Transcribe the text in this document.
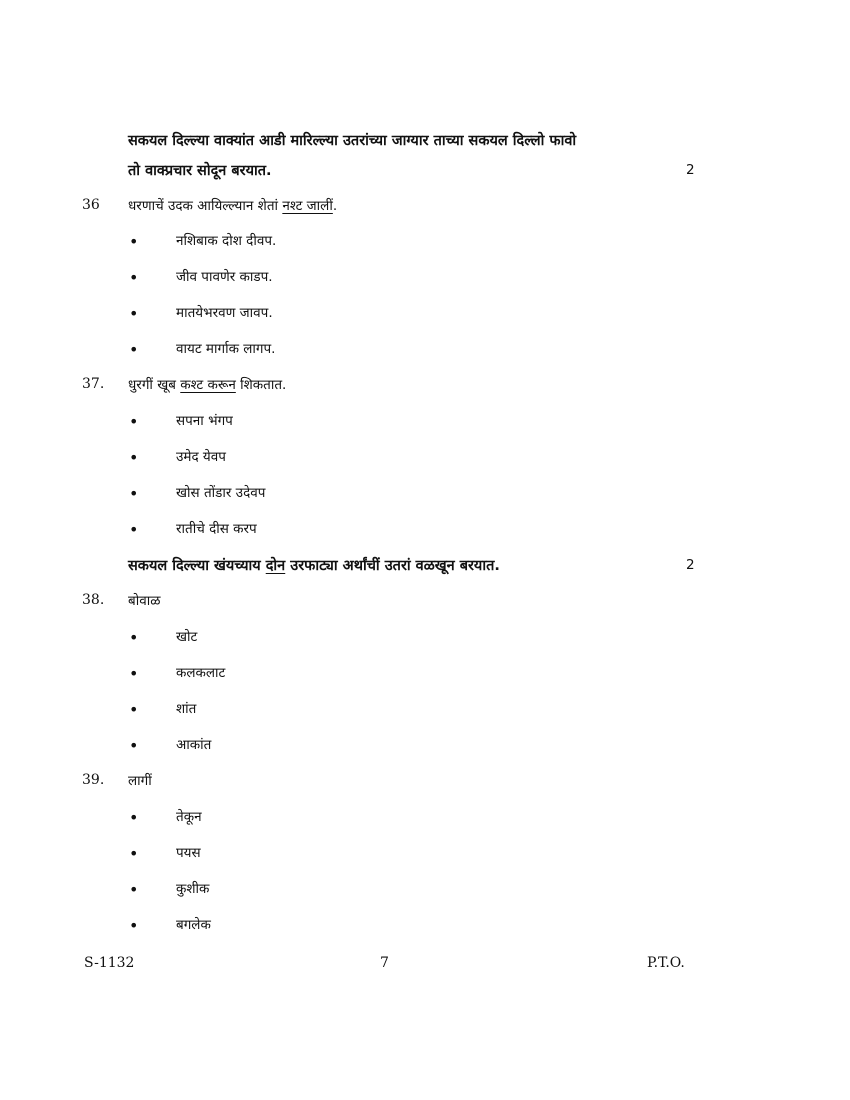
सकयल दिल्ल्या वाक्यांत आडी मारिल्ल्या उतरांच्या जाग्यार ताच्या सकयल दिल्लो फावो
तो वाक्प्रचार सोदून बरयात.	2
36 धरणाचें उदक आयिल्ल्यान शेतां नश्ट जालीं.
•	नशिबाक दोश दीवप.
•	जीव पावणेर काडप.
•	मातयेभरवण जावप.
•	वायट मार्गाक लागप.
37. धुरगीं खूब कश्ट करून शिकतात.
•	सपना भंगप
•	उमेद येवप
•	खोस तोंडार उदेवप
•	रातीचे दीस करप
सकयल दिल्ल्या खंयच्याय दोन उरफाट्या अर्थांचीं उतरां वळखून बरयात.	2
38. बोवाळ
•	खोट
•	कलकलाट
•	शांत
•	आकांत
39. लागीं
•	तेकून
•	पयस
•	कुशीक
•	बगलेक
S-1132	7	P.T.O.
